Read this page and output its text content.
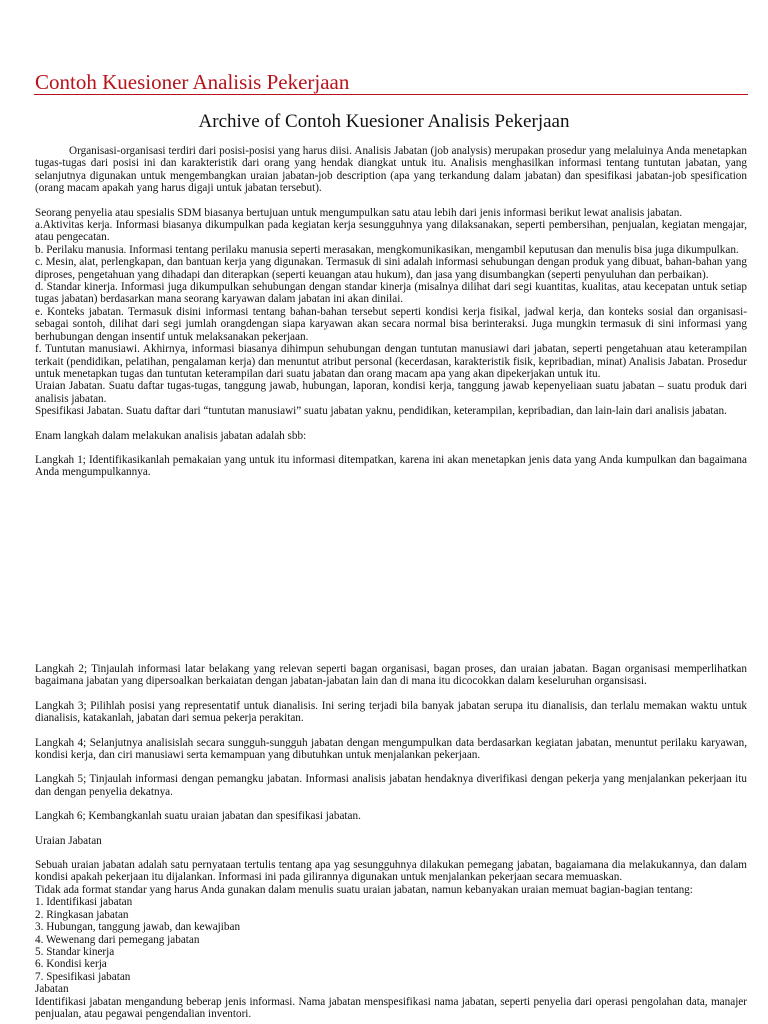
Contoh Kuesioner Analisis Pekerjaan
Archive of Contoh Kuesioner Analisis Pekerjaan

Organisasi-organisasi terdiri dari posisi-posisi yang harus diisi. Analisis Jabatan (job analysis) merupakan prosedur yang melaluinya Anda menetapkan tugas-tugas dari posisi ini dan karakteristik dari orang yang hendak diangkat untuk itu. Analisis menghasilkan informasi tentang tuntutan jabatan, yang selanjutnya digunakan untuk mengembangkan uraian jabatan-job description (apa yang terkandung dalam jabatan) dan spesifikasi jabatan-job spesification (orang macam apakah yang harus digaji untuk jabatan tersebut).

Seorang penyelia atau spesialis SDM biasanya bertujuan untuk mengumpulkan satu atau lebih dari jenis informasi berikut lewat analisis jabatan.

a.Aktivitas kerja. Informasi biasanya dikumpulkan pada kegiatan kerja sesungguhnya yang dilaksanakan, seperti pembersihan, penjualan, kegiatan mengajar, atau pengecatan.

b. Perilaku manusia. Informasi tentang perilaku manusia seperti merasakan, mengkomunikasikan, mengambil keputusan dan menulis bisa juga dikumpulkan.

c. Mesin, alat, perlengkapan, dan bantuan kerja yang digunakan. Termasuk di sini adalah informasi sehubungan dengan produk yang dibuat, bahan-bahan yang diproses, pengetahuan yang dihadapi dan diterapkan (seperti keuangan atau hukum), dan jasa yang disumbangkan (seperti penyuluhan dan perbaikan).

d. Standar kinerja. Informasi juga dikumpulkan sehubungan dengan standar kinerja (misalnya dilihat dari segi kuantitas, kualitas, atau kecepatan untuk setiap tugas jabatan) berdasarkan mana seorang karyawan dalam jabatan ini akan dinilai.

e. Konteks jabatan. Termasuk disini informasi tentang bahan-bahan tersebut seperti kondisi kerja fisikal, jadwal kerja, dan konteks sosial dan organisasi-sebagai sontoh, dilihat dari segi jumlah orangdengan siapa karyawan akan secara normal bisa berinteraksi. Juga mungkin termasuk di sini informasi yang berhubungan dengan insentif untuk melaksanakan pekerjaan.

f. Tuntutan manusiawi. Akhirnya, informasi biasanya dihimpun sehubungan dengan tuntutan manusiawi dari jabatan, seperti pengetahuan atau keterampilan terkait (pendidikan, pelatihan, pengalaman kerja) dan menuntut atribut personal (kecerdasan, karakteristik fisik, kepribadian, minat) Analisis Jabatan. Prosedur untuk menetapkan tugas dan tuntutan keterampilan dari suatu jabatan dan orang macam apa yang akan dipekerjakan untuk itu.

Uraian Jabatan. Suatu daftar tugas-tugas, tanggung jawab, hubungan, laporan, kondisi kerja, tanggung jawab kepenyeliaan suatu jabatan – suatu produk dari analisis jabatan.

Spesifikasi Jabatan. Suatu daftar dari “tuntutan manusiawi” suatu jabatan yaknu, pendidikan, keterampilan, kepribadian, dan lain-lain dari analisis jabatan.

Enam langkah dalam melakukan analisis jabatan adalah sbb:

Langkah 1; Identifikasikanlah pemakaian yang untuk itu informasi ditempatkan, karena ini akan menetapkan jenis data yang Anda kumpulkan dan bagaimana Anda mengumpulkannya.

Langkah 2; Tinjaulah informasi latar belakang yang relevan seperti bagan organisasi, bagan proses, dan uraian jabatan. Bagan organisasi memperlihatkan bagaimana jabatan yang dipersoalkan berkaiatan dengan jabatan-jabatan lain dan di mana itu dicocokkan dalam keseluruhan organsisasi.

Langkah 3; Pilihlah posisi yang representatif untuk dianalisis. Ini sering terjadi bila banyak jabatan serupa itu dianalisis, dan terlalu memakan waktu untuk dianalisis, katakanlah, jabatan dari semua pekerja perakitan.

Langkah 4; Selanjutnya analisislah secara sungguh-sungguh jabatan dengan mengumpulkan data berdasarkan kegiatan jabatan, menuntut perilaku karyawan, kondisi kerja, dan ciri manusiawi serta kemampuan yang dibutuhkan untuk menjalankan pekerjaan.

Langkah 5; Tinjaulah informasi dengan pemangku jabatan. Informasi analisis jabatan hendaknya diverifikasi dengan pekerja yang menjalankan pekerjaan itu dan dengan penyelia dekatnya.

Langkah 6; Kembangkanlah suatu uraian jabatan dan spesifikasi jabatan.

Uraian Jabatan

Sebuah uraian jabatan adalah satu pernyataan tertulis tentang apa yag sesungguhnya dilakukan pemegang jabatan, bagaiamana dia melakukannya, dan dalam kondisi apakah pekerjaan itu dijalankan. Informasi ini pada gilirannya digunakan untuk menjalankan pekerjaan secara memuaskan.

Tidak ada format standar yang harus Anda gunakan dalam menulis suatu uraian jabatan, namun kebanyakan uraian memuat bagian-bagian tentang:

1. Identifikasi jabatan

2. Ringkasan jabatan

3. Hubungan, tanggung jawab, dan kewajiban

4. Wewenang dari pemegang jabatan

5. Standar kinerja

6. Kondisi kerja

7. Spesifikasi jabatan

Jabatan

Identifikasi jabatan mengandung beberap jenis informasi. Nama jabatan menspesifikasi nama jabatan, seperti penyelia dari operasi pengolahan data, manajer penjualan, atau pegawai pengendalian inventori.
